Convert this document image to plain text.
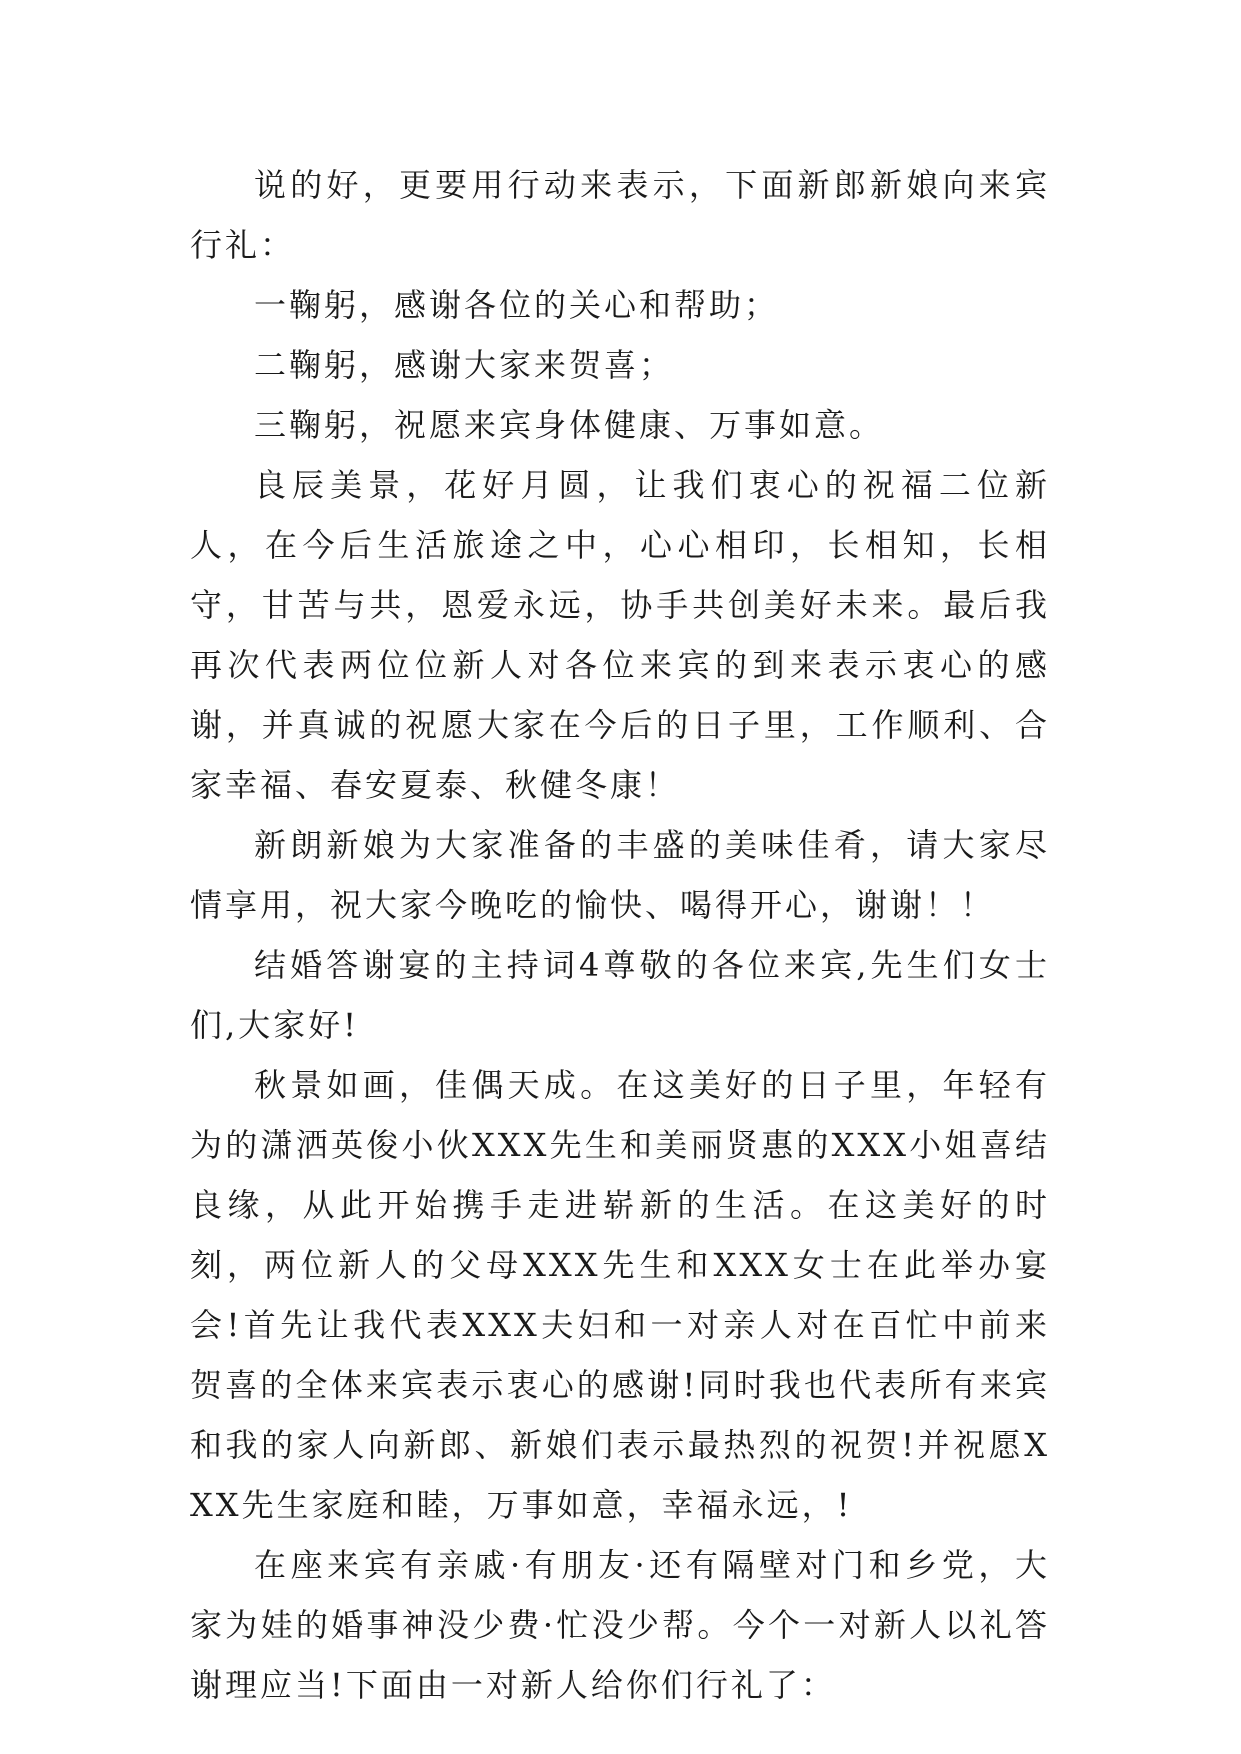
说的好，更要用行动来表示，下面新郎新娘向来宾行礼：

一鞠躬，感谢各位的关心和帮助；

二鞠躬，感谢大家来贺喜；

三鞠躬，祝愿来宾身体健康、万事如意。

良辰美景，花好月圆，让我们衷心的祝福二位新人，在今后生活旅途之中，心心相印，长相知，长相守，甘苦与共，恩爱永远，协手共创美好未来。最后我再次代表两位位新人对各位来宾的到来表示衷心的感谢，并真诚的祝愿大家在今后的日子里，工作顺利、合家幸福、春安夏泰、秋健冬康！

新朗新娘为大家准备的丰盛的美味佳肴，请大家尽情享用，祝大家今晚吃的愉快、喝得开心，谢谢！！

结婚答谢宴的主持词4尊敬的各位来宾,先生们女士们,大家好!

秋景如画，佳偶天成。在这美好的日子里，年轻有为的潇洒英俊小伙XXX先生和美丽贤惠的XXX小姐喜结良缘，从此开始携手走进崭新的生活。在这美好的时刻，两位新人的父母XXX先生和XXX女士在此举办宴会!首先让我代表XXX夫妇和一对亲人对在百忙中前来贺喜的全体来宾表示衷心的感谢!同时我也代表所有来宾和我的家人向新郎、新娘们表示最热烈的祝贺!并祝愿XXX先生家庭和睦，万事如意，幸福永远，!

在座来宾有亲戚·有朋友·还有隔壁对门和乡党，大家为娃的婚事神没少费·忙没少帮。今个一对新人以礼答谢理应当!下面由一对新人给你们行礼了：
